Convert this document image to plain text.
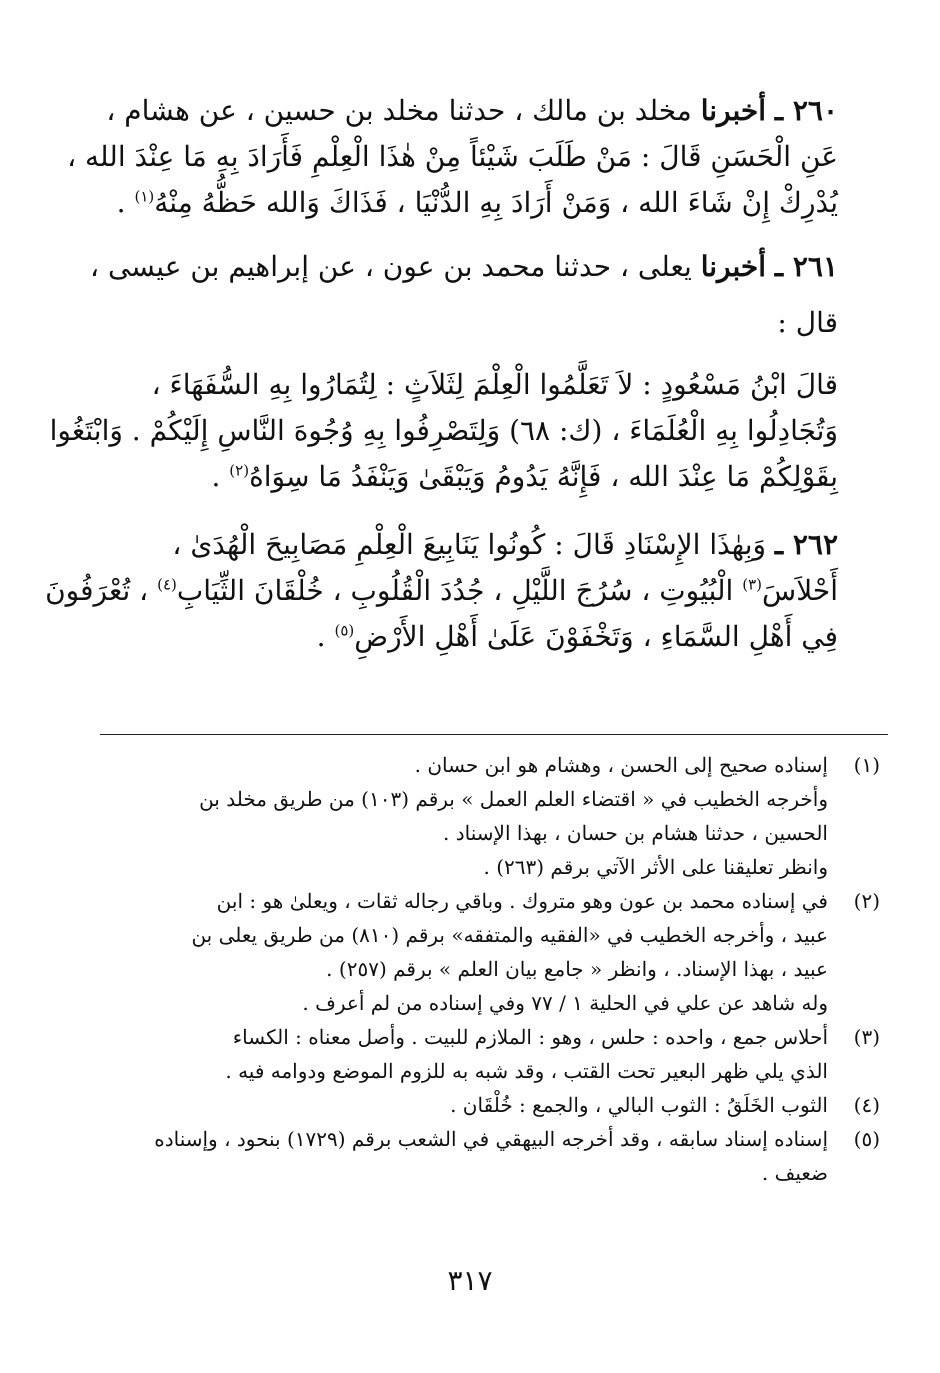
٢٦٠ ـ أخبرنا مخلد بن مالك ، حدثنا مخلد بن حسين ، عن هشام ،
عَنِ الْحَسَنِ قَالَ : مَنْ طَلَبَ شَيْئاً مِنْ هٰذَا الْعِلْمِ فَأَرَادَ بِهِ مَا عِنْدَ الله ،
يُدْرِكْ إِنْ شَاءَ الله ، وَمَنْ أَرَادَ بِهِ الدُّنْيَا ، فَذَاكَ وَالله حَظُّهُ مِنْهُ$^{(١)}$ .

٢٦١ ـ أخبرنا يعلى ، حدثنا محمد بن عون ، عن إبراهيم بن عيسى ،

قال :

قالَ ابْنُ مَسْعُودٍ : لاَ تَعَلَّمُوا الْعِلْمَ لِثَلاَثٍ : لِتُمَارُوا بِهِ السُّفَهَاءَ ،
وَتُجَادِلُوا بِهِ الْعُلَمَاءَ ، (ك: ٦٨) وَلِتَصْرِفُوا بِهِ وُجُوهَ النَّاسِ إِلَيْكُمْ . وَابْتَغُوا
بِقَوْلِكُمْ مَا عِنْدَ الله ، فَإِنَّهُ يَدُومُ وَيَبْقَىٰ وَيَنْفَدُ مَا سِوَاهُ$^{(٢)}$ .

٢٦٢ ـ وَبِهٰذَا الإِسْنَادِ قَالَ : كُونُوا يَنَابِيعَ الْعِلْمِ مَصَابِيحَ الْهُدَىٰ ،
أَحْلاَسَ$^{(٣)}$ الْبُيُوتِ ، سُرُجَ اللَّيْلِ ، جُدُدَ الْقُلُوبِ ، خُلْقَانَ الثِّيَابِ$^{(٤)}$ ، تُعْرَفُونَ
فِي أَهْلِ السَّمَاءِ ، وَتَخْفَوْنَ عَلَىٰ أَهْلِ الأَرْضِ$^{(٥)}$ .

(١)
إسناده صحيح إلى الحسن ، وهشام هو ابن حسان .
وأخرجه الخطيب في « اقتضاء العلم العمل » برقم (١٠٣) من طريق مخلد بن
الحسين ، حدثنا هشام بن حسان ، بهذا الإسناد .
وانظر تعليقنا على الأثر الآتي برقم (٢٦٣) .
(٢)
في إسناده محمد بن عون وهو متروك . وباقي رجاله ثقات ، ويعلىٰ هو : ابن
عبيد ، وأخرجه الخطيب في «الفقيه والمتفقه» برقم (٨١٠) من طريق يعلى بن
عبيد ، بهذا الإسناد. ، وانظر « جامع بيان العلم » برقم (٢٥٧) .
وله شاهد عن علي في الحلية ١ / ٧٧ وفي إسناده من لم أعرف .
(٣)
أحلاس جمع ، واحده : حلس ، وهو : الملازم للبيت . وأصل معناه : الكساء
الذي يلي ظهر البعير تحت القتب ، وقد شبه به للزوم الموضع ودوامه فيه .
(٤)
الثوب الخَلَقُ : الثوب البالي ، والجمع : خُلْقَان .
(٥)
إسناده إسناد سابقه ، وقد أخرجه البيهقي في الشعب برقم (١٧٢٩) بنحود ، وإسناده
ضعيف .
٣١٧
